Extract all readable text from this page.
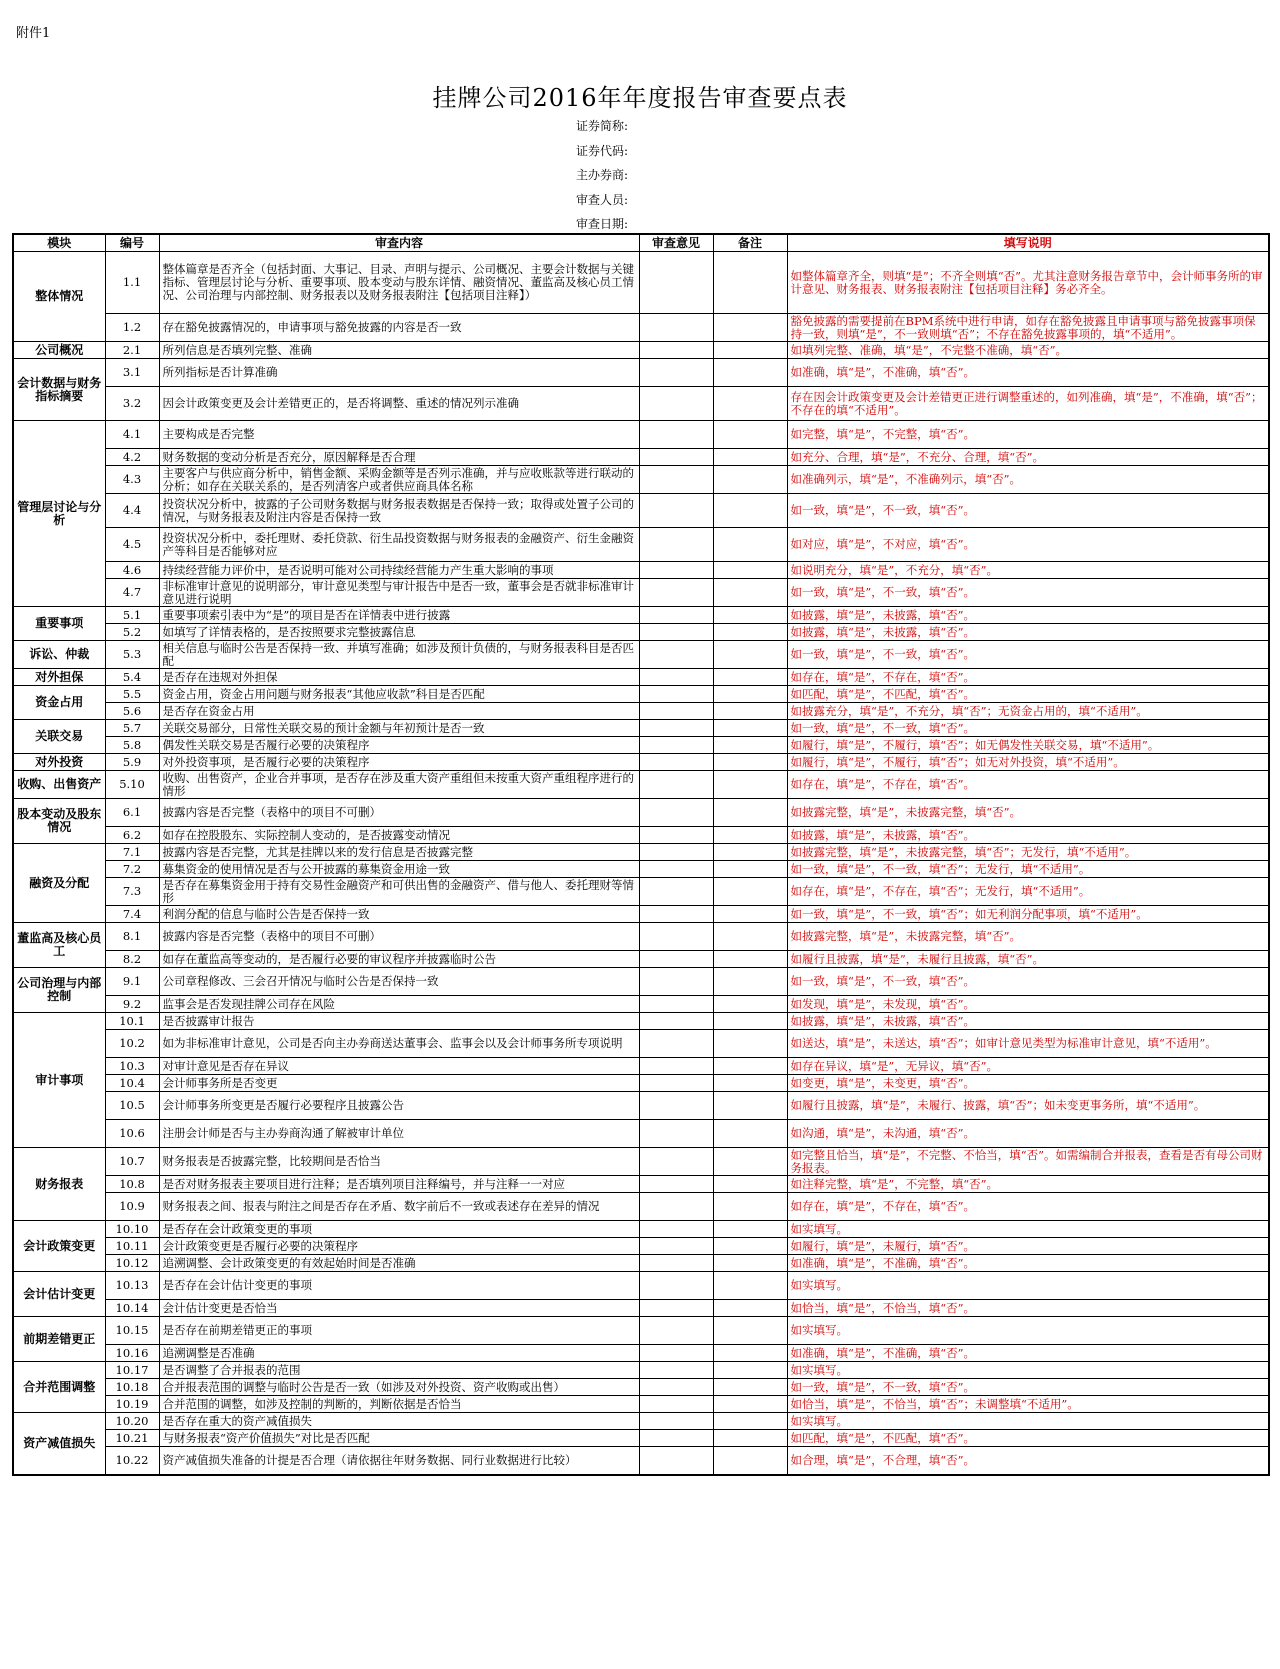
附件1
挂牌公司2016年年度报告审查要点表
证券简称:
证券代码:
主办券商:
审查人员:
审查日期:
模块	编号	审查内容	审查意见	备注	填写说明
整体情况	1.1	整体篇章是否齐全（包括封面、大事记、目录、声明与提示、公司概况、主要会计数据与关键指标、管理层讨论与分析、重要事项、股本变动与股东详情、融资情况、董监高及核心员工情况、公司治理与内部控制、财务报表以及财务报表附注【包括项目注释】）			如整体篇章齐全，则填“是”；不齐全则填“否”。尤其注意财务报告章节中，会计师事务所的审计意见、财务报表、财务报表附注【包括项目注释】务必齐全。
	1.2	存在豁免披露情况的，申请事项与豁免披露的内容是否一致			豁免披露的需要提前在BPM系统中进行申请，如存在豁免披露且申请事项与豁免披露事项保持一致，则填“是”，不一致则填“否”；不存在豁免披露事项的，填“不适用”。
公司概况	2.1	所列信息是否填列完整、准确			如填列完整、准确，填“是”，不完整不准确，填“否”。
会计数据与财务指标摘要	3.1	所列指标是否计算准确			如准确，填“是”，不准确，填“否”。
	3.2	因会计政策变更及会计差错更正的，是否将调整、重述的情况列示准确			存在因会计政策变更及会计差错更正进行调整重述的，如列准确，填“是”，不准确，填“否”；不存在的填“不适用”。
管理层讨论与分析	4.1	主要构成是否完整			如完整，填“是”，不完整，填“否”。
	4.2	财务数据的变动分析是否充分，原因解释是否合理			如充分、合理，填“是”，不充分、合理，填“否”。
	4.3	主要客户与供应商分析中，销售金额、采购金额等是否列示准确，并与应收账款等进行联动的分析；如存在关联关系的，是否列清客户或者供应商具体名称			如准确列示，填“是”，不准确列示，填“否”。
	4.4	投资状况分析中，披露的子公司财务数据与财务报表数据是否保持一致；取得或处置子公司的情况，与财务报表及附注内容是否保持一致			如一致，填“是”，不一致，填“否”。
	4.5	投资状况分析中，委托理财、委托贷款、衍生品投资数据与财务报表的金融资产、衍生金融资产等科目是否能够对应			如对应，填“是”，不对应，填“否”。
	4.6	持续经营能力评价中，是否说明可能对公司持续经营能力产生重大影响的事项			如说明充分，填“是”，不充分，填“否”。
	4.7	非标准审计意见的说明部分，审计意见类型与审计报告中是否一致，董事会是否就非标准审计意见进行说明			如一致，填“是”，不一致，填“否”。
重要事项	5.1	重要事项索引表中为“是”的项目是否在详情表中进行披露			如披露，填“是”，未披露，填“否”。
	5.2	如填写了详情表格的，是否按照要求完整披露信息			如披露，填“是”，未披露，填“否”。
诉讼、仲裁	5.3	相关信息与临时公告是否保持一致、并填写准确；如涉及预计负债的，与财务报表科目是否匹配			如一致，填“是”，不一致，填“否”。
对外担保	5.4	是否存在违规对外担保			如存在，填“是”，不存在，填“否”。
资金占用	5.5	资金占用，资金占用问题与财务报表“其他应收款”科目是否匹配			如匹配，填“是”，不匹配，填“否”。
	5.6	是否存在资金占用			如披露充分，填“是”，不充分，填“否”；无资金占用的，填“不适用”。
关联交易	5.7	关联交易部分，日常性关联交易的预计金额与年初预计是否一致			如一致，填“是”，不一致，填“否”。
	5.8	偶发性关联交易是否履行必要的决策程序			如履行，填“是”，不履行，填“否”；如无偶发性关联交易，填“不适用”。
对外投资	5.9	对外投资事项，是否履行必要的决策程序			如履行，填“是”，不履行，填“否”；如无对外投资，填“不适用”。
收购、出售资产	5.10	收购、出售资产，企业合并事项，是否存在涉及重大资产重组但未按重大资产重组程序进行的情形			如存在，填“是”，不存在，填“否”。
股本变动及股东情况	6.1	披露内容是否完整（表格中的项目不可删）			如披露完整，填“是”，未披露完整，填“否”。
	6.2	如存在控股股东、实际控制人变动的，是否披露变动情况			如披露，填“是”，未披露，填“否”。
融资及分配	7.1	披露内容是否完整，尤其是挂牌以来的发行信息是否披露完整			如披露完整，填“是”，未披露完整，填“否”；无发行，填“不适用”。
	7.2	募集资金的使用情况是否与公开披露的募集资金用途一致			如一致，填“是”，不一致，填“否”；无发行，填“不适用”。
	7.3	是否存在募集资金用于持有交易性金融资产和可供出售的金融资产、借与他人、委托理财等情形			如存在，填“是”，不存在，填“否”；无发行，填“不适用”。
	7.4	利润分配的信息与临时公告是否保持一致			如一致，填“是”，不一致，填“否”；如无利润分配事项，填“不适用”。
董监高及核心员工	8.1	披露内容是否完整（表格中的项目不可删）			如披露完整，填“是”，未披露完整，填“否”。
	8.2	如存在董监高等变动的，是否履行必要的审议程序并披露临时公告			如履行且披露，填“是”，未履行且披露，填“否”。
公司治理与内部控制	9.1	公司章程修改、三会召开情况与临时公告是否保持一致			如一致，填“是”，不一致，填“否”。
	9.2	监事会是否发现挂牌公司存在风险			如发现，填“是”，未发现，填“否”。
审计事项	10.1	是否披露审计报告			如披露，填“是”，未披露，填“否”。
	10.2	如为非标准审计意见，公司是否向主办券商送达董事会、监事会以及会计师事务所专项说明			如送达，填“是”，未送达，填“否”；如审计意见类型为标准审计意见，填“不适用”。
	10.3	对审计意见是否存在异议			如存在异议，填“是”，无异议，填“否”。
	10.4	会计师事务所是否变更			如变更，填“是”，未变更，填“否”。
	10.5	会计师事务所变更是否履行必要程序且披露公告			如履行且披露，填“是”，未履行、披露，填“否”；如未变更事务所，填“不适用”。
	10.6	注册会计师是否与主办券商沟通了解被审计单位			如沟通，填“是”，未沟通，填“否”。
财务报表	10.7	财务报表是否披露完整，比较期间是否恰当			如完整且恰当，填“是”，不完整、不恰当，填“否”。如需编制合并报表，查看是否有母公司财务报表。
	10.8	是否对财务报表主要项目进行注释；是否填列项目注释编号，并与注释一一对应			如注释完整，填“是”，不完整，填“否”。
	10.9	财务报表之间、报表与附注之间是否存在矛盾、数字前后不一致或表述存在差异的情况			如存在，填“是”，不存在，填“否”。
会计政策变更	10.10	是否存在会计政策变更的事项			如实填写。
	10.11	会计政策变更是否履行必要的决策程序			如履行，填“是”，未履行，填“否”。
	10.12	追溯调整、会计政策变更的有效起始时间是否准确			如准确，填“是”，不准确，填“否”。
会计估计变更	10.13	是否存在会计估计变更的事项			如实填写。
	10.14	会计估计变更是否恰当			如恰当，填“是”，不恰当，填“否”。
前期差错更正	10.15	是否存在前期差错更正的事项			如实填写。
	10.16	追溯调整是否准确			如准确，填“是”，不准确，填“否”。
合并范围调整	10.17	是否调整了合并报表的范围			如实填写。
	10.18	合并报表范围的调整与临时公告是否一致（如涉及对外投资、资产收购或出售）			如一致，填“是”，不一致，填“否”。
	10.19	合并范围的调整，如涉及控制的判断的，判断依据是否恰当			如恰当，填“是”，不恰当，填“否”；未调整填“不适用”。
资产减值损失	10.20	是否存在重大的资产减值损失			如实填写。
	10.21	与财务报表“资产价值损失”对比是否匹配			如匹配，填“是”，不匹配，填“否”。
	10.22	资产减值损失准备的计提是否合理（请依据往年财务数据、同行业数据进行比较）			如合理，填“是”，不合理，填“否”。
